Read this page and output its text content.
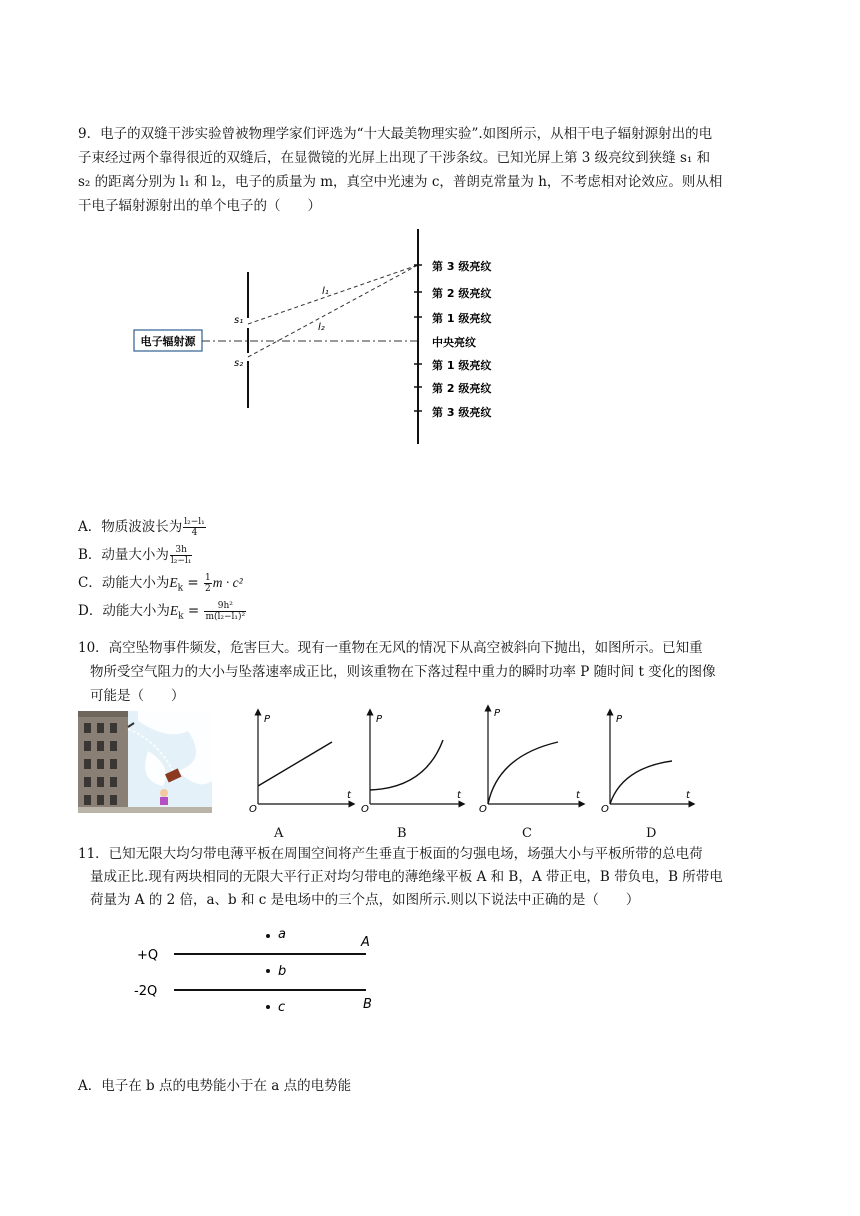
9．电子的双缝干涉实验曾被物理学家们评选为“十大最美物理实验”.如图所示，从相干电子辐射源射出的电
子束经过两个靠得很近的双缝后，在显微镜的光屏上出现了干涉条纹。已知光屏上第 3 级亮纹到狭缝 s₁ 和
s₂ 的距离分别为 l₁ 和 l₂，电子的质量为 m，真空中光速为 c，普朗克常量为 h，不考虑相对论效应。则从相
干电子辐射源射出的单个电子的（　　）
电子辐射源
s₁
s₂
l₁
l₂
第 3 级亮纹
第 2 级亮纹
第 1 级亮纹
中央亮纹
第 1 级亮纹
第 2 级亮纹
第 3 级亮纹
A．物质波波长为 $\frac{\text{l₂−l₁}}{4}$
B．动量大小为 $\frac{3h}{\text{l₂−l₁}}$
C．动能大小为$E_k = \frac{1}{2}$ m · c²
D．动能大小为$E_k = \frac{\text{9h²}}{\text{m(l₂−l₁)²}}$
10．高空坠物事件频发，危害巨大。现有一重物在无风的情况下从高空被斜向下抛出，如图所示。已知重
物所受空气阻力的大小与坠落速率成正比，则该重物在下落过程中重力的瞬时功率 P 随时间 t 变化的图像
可能是（　　）
P
t
O
P
t
O
P
t
O
P
t
O
A	B	C	D
11．已知无限大均匀带电薄平板在周围空间将产生垂直于板面的匀强电场，场强大小与平板所带的总电荷
量成正比.现有两块相同的无限大平行正对均匀带电的薄绝缘平板 A 和 B，A 带正电，B 带负电，B 所带电
荷量为 A 的 2 倍，a、b 和 c 是电场中的三个点，如图所示.则以下说法中正确的是（　　）
+Q
-2Q
A
B
a
b
c
A．电子在 b 点的电势能小于在 a 点的电势能
